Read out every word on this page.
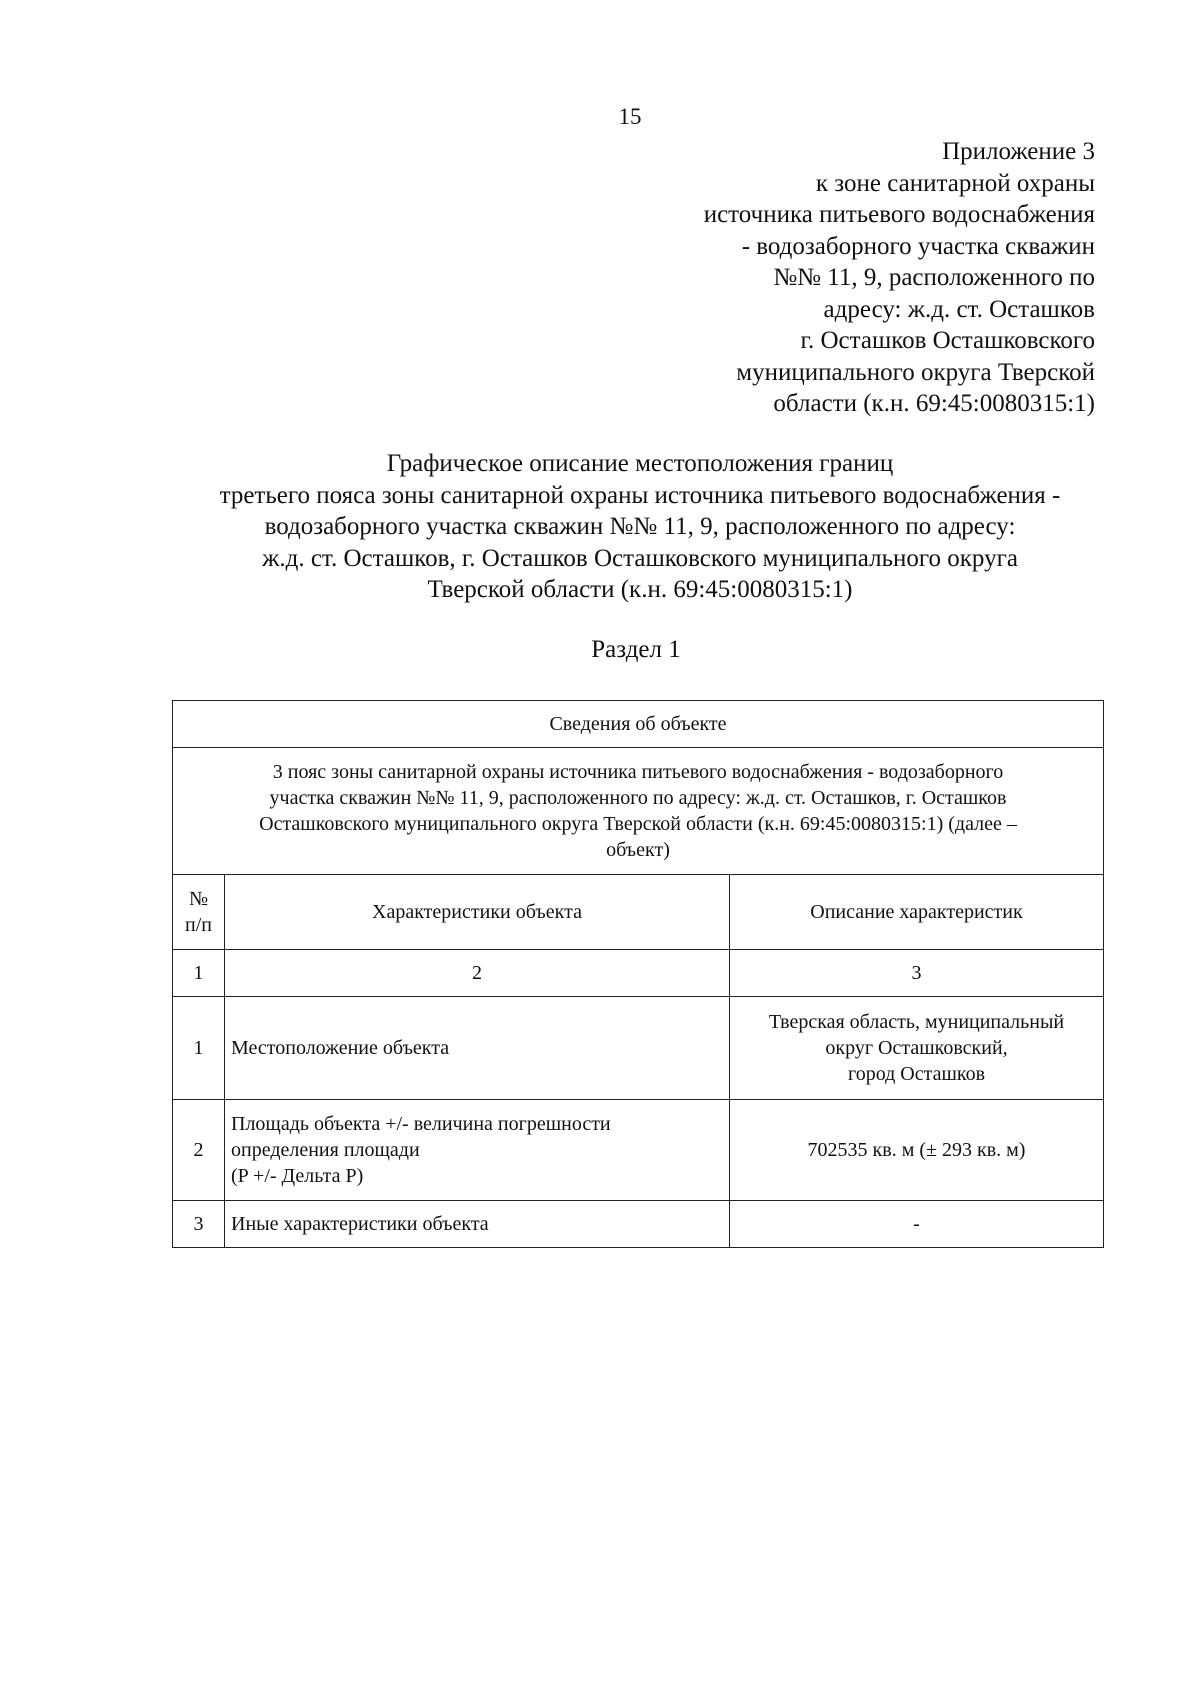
15
Приложение 3
к зоне санитарной охраны
источника питьевого водоснабжения
- водозаборного участка скважин
№№ 11, 9, расположенного по
адресу: ж.д. ст. Осташков
г. Осташков Осташковского
муниципального округа Тверской
области (к.н. 69:45:0080315:1)
Графическое описание местоположения границ
третьего пояса зоны санитарной охраны источника питьевого водоснабжения -
водозаборного участка скважин №№ 11, 9, расположенного по адресу:
ж.д. ст. Осташков, г. Осташков Осташковского муниципального округа
Тверской области (к.н. 69:45:0080315:1)
Раздел 1
Сведения об объекте		

3 пояс зоны санитарной охраны источника питьевого водоснабжения - водозаборного
участка скважин №№ 11, 9, расположенного по адресу: ж.д. ст. Осташков, г. Осташков
Осташковского муниципального округа Тверской области (к.н. 69:45:0080315:1) (далее –
объект)		

№
п/п	Характеристики объекта	Описание характеристик
1	2	3
1	Местоположение объекта	Тверская область, муниципальный
округ Осташковский,
город Осташков

2	Площадь объекта +/- величина погрешности
определения площади
(P +/- Дельта P)	702535 кв. м (± 293 кв. м)

3	Иные характеристики объекта	-
